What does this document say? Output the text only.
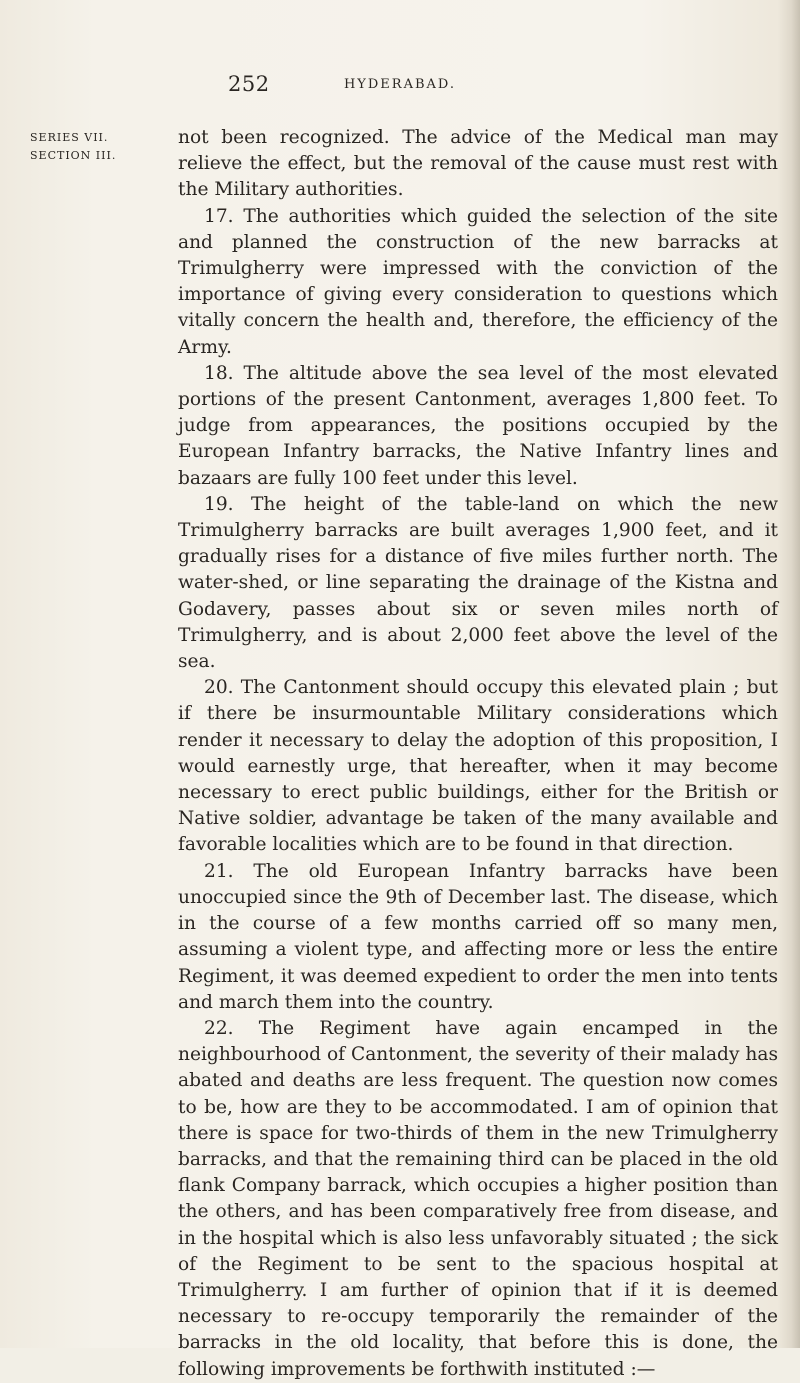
252	HYDERABAD.
SERIES VII.
SECTION III.

not been recognized. The advice of the Medical man may relieve the effect, but the removal of the cause must rest with the Military authorities.

17. The authorities which guided the selection of the site and planned the construction of the new barracks at Trimulgherry were impressed with the conviction of the importance of giving every consideration to questions which vitally concern the health and, therefore, the efficiency of the Army.

18. The altitude above the sea level of the most elevated portions of the present Cantonment, averages 1,800 feet. To judge from appearances, the positions occupied by the European Infantry barracks, the Native Infantry lines and bazaars are fully 100 feet under this level.

19. The height of the table-land on which the new Trimulgherry barracks are built averages 1,900 feet, and it gradually rises for a distance of five miles further north. The water-shed, or line separating the drainage of the Kistna and Godavery, passes about six or seven miles north of Trimulgherry, and is about 2,000 feet above the level of the sea.

20. The Cantonment should occupy this elevated plain ; but if there be insurmountable Military considerations which render it necessary to delay the adoption of this proposition, I would earnestly urge, that hereafter, when it may become necessary to erect public buildings, either for the British or Native soldier, advantage be taken of the many available and favorable localities which are to be found in that direction.

21. The old European Infantry barracks have been unoccupied since the 9th of December last. The disease, which in the course of a few months carried off so many men, assuming a violent type, and affecting more or less the entire Regiment, it was deemed expedient to order the men into tents and march them into the country.

22. The Regiment have again encamped in the neighbourhood of Cantonment, the severity of their malady has abated and deaths are less frequent. The question now comes to be, how are they to be accommodated. I am of opinion that there is space for two-thirds of them in the new Trimulgherry barracks, and that the remaining third can be placed in the old flank Company barrack, which occupies a higher position than the others, and has been comparatively free from disease, and in the hospital which is also less unfavorably situated ; the sick of the Regiment to be sent to the spacious hospital at Trimulgherry. I am further of opinion that if it is deemed necessary to re-occupy temporarily the remainder of the barracks in the old locality, that before this is done, the following improvements be forthwith instituted :—
